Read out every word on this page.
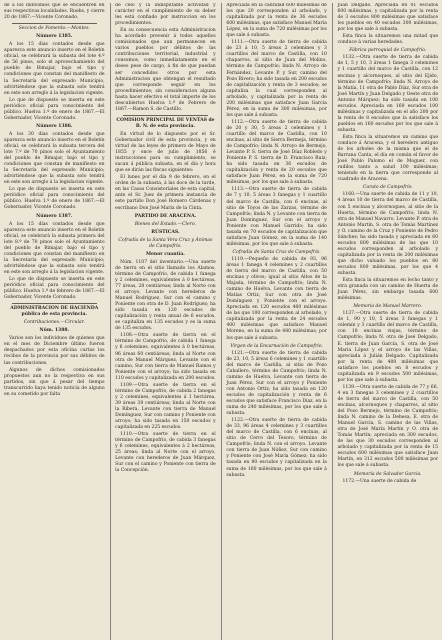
de á los individuos que se encuentren en sus respectivas localidades. Ruebs, y cierre 20 de 1867.—Vicente Coronado.

Seccion de Fomento.—Montes.
Número 1385.

A los 15 días contados desde que aparezca este anuncio inserto en el Boletín oficial, se celebrará la subasta del lote 4.º de 56 pinos, solo el aprovechamiento del pueblo de Bimajar, bajo el tipo y condiciones que constan del manifiesto de la Secretaría del expresado Municipio, advirtiéndose que la subasta solo tendrá en este son arreglo á la legislacion vigente.

Lo que de dispuesto se inserta en este periódico oficial para conocimiento del público. Huelva 1.º de enero de 1867.—El Gobernador, Vicente Coronado.

Número 1386.

A los 30 días contados desde que aparezca este anuncio inserto en el Boletín oficial, se celebrará la subasta tercera del lote 7.º de 70 pinos solo el Ayuntamiento del pueblo de Bimajar, bajo el tipo y condiciones que constan de manifiesto en la Secretaría del espresado Municipio; advirtiéndose que la subasta solo tendrá en este son arreglo á la legislacion vigente.

Lo que de dispuesto se inserta en este periódico oficial para conocimiento del público. Huelva 1.º de enero de 1867.—El Gobernador, Vicente Coronado.

Número 1387.

A los 15 días contados desde que aparezca este anuncio inserto en el Boletín oficial, se celebrará la subasta primera del lote 8.º de 70 pinos solo el Ayuntamiento del pueblo de Bimajar, bajo el tipo y condiciones que constan del manifiesto en la Secretaría del espresado Municipio; advirtiéndose que la subasta solo tendrá en este son arreglo á la legislacion vigente.

Lo que de dispuesto se inserta en este periódico oficial para conocimiento del público. Huelva 1.º de febrero de 1867.—El Gobernador, Vicente Coronado.

ADMINISTRACION DE HACIENDA pública de esta provincia.
Contribuciones.—Circular.
Núm. 1388.

Varios son los individuos de quienes que en el mes de Diciembre último fueron despachados por esta oficina cartas los recibos de la provincia por sus débitos de las contribuciones.

Algunos de dichos comisionados propuestos aun no la respectiva en sus partidos, sin que á pesar del tiempo transcurrido haya tenido noticia de alguno en su cometido por falta

de celo y la indisputable actividad y carácter en el cumplimiento de su deber les está confiado por instruccion en los procedimientos.

En su consecuencia esta Administracion ha acordado prevenir á todos aquellos comisionados que aun permanecen en varios pueblos por débitos de las contribuciones territorial, industrial y consumos, como inmediatamente en el deseo pese de cargo, á fin de que puedan ser concedidos otros por esta Administracion que obtengan el resultado que corresponde seguir en los procedimientos; sin consideracion alguna hasta hacer efectivo el total importe de los descubiertos Huelva 1.º de Febrero de 1867.—Ramon S. de Castillo.

COMISION PRINCIPAL DE VENTAS de B. N. de esta provincia.

En virtud de lo dispuesto por el Sr. Gobernador civil de esta provincia, y en virtud de las leyes de primero de Mayo de 1855 y once de julio de 1856 é instrucciones para su cumplimiento, se sacan á pública subasta, en el día y hora que se dirán las fincas siguientes:

El lunes por el día 9 de febrero, en el orden de la subasta, á las doce de la tarde, en las Casas Consistoriales de esta capital, ante el Sr. Juez de primera instancia de este partido Don José Romero Cárdenas y escribano Don José María de la Cinta.

PARTIDO DE ARACENA.
Bienes del Estado.—Clero.
RÚSTICAS.
Cofradía de la Santa Vera Cruz y Ánimas de Campofrío.
Menor cuantía.

Núm. 1107 del inventario.—Una suerte de tierra en el sitio llamado los Alamos, término de Campofrío, de cabida 1 fanega y 2 celemines, equivalentes á 0 hectáreas, 77 áreas, 28 centiáreas; linda al Norte con el arroyo, Levante con herederos de Manuel Rodríguez, Sur con el camino y Poniente con otra de D. Juan Rodríguez; ha sido tasada en 120 escudos de capitalización y renta anual de 6 escudos, se capitaliza en 135 escudos y es la suma de 135 escudos.

1108.—Otra suerte de tierra en el término de Campofrío, de cabida 1 fanega y 6 celemines, equivalentes á 0 hectáreas, 96 áreas 60 centiáreas; linda al Norte con otra de Manuel Márquez, Levante con el camino, Sur con tierra de Manuel Ramos y Poniente con el arroyo; ha sido tasada en 110 escudos y capitalizada en 200 escudos.

1109.—Otra suerte de tierra en el término de Campofrío, de cabida 2 fanegas y 2 celemines, equivalentes á 1 hectárea, 39 áreas 38 centiáreas; linda al Norte con la Ribera, Levante con tierra de Manuel Domínguez, Sur con camino y Poniente con arroyo; ha sido tasada en 150 escudos y capitalizada en 225 escudos.

1110.—Otra suerte de tierra en el término de Campofrío, de cabida 3 fanegas y 6 celemines, equivalentes á 2 hectáreas, 25 áreas; linda al Norte con el arroyo, Levante con herederos de Juan Márquez, Sur con el camino y Poniente con tierra de la Concepción.

Apreciada en la cantidad 600 milésimas de los que 20 corresponden al arbolado, y capitalizada por la renta de 36 escudos 600 milésimas, que satisface Manuel María López, en la suma de 720 milésimas por los que sale á subasta.

1111.—Otra suerte de tierra de cabida de 23 á 10, 5 áreas 2 celemines y 3 cuartillos del marco de Castilla, con 10 chaparros, al sitio de Juan del Molino, término de Campofrío; linda N. Arroyo de Fernández, Levante P. y Sur, camino del Pozo Rivero; ha sido tasada en 200 escudos de capitalización y renta de 3 escudos; se capitaliza la cual corresponden al arbolado, y capitalizada por la renta de 200 milésimas que satisface Juan García Pérez, en la suma de 300 milésimas, por los que sale á subasta.

1112.—Otra suerte de tierra de cabida de 20 y 30, 5 áreas 2 celemines y 1 cuartillo del marco de Castilla, con 10 encinas, al sitio de Sierra Bermeja, término de Campofrío; linda N. Arroyo de Bermejo, Levante P. S. tierra de José Díaz Robledo y Poniente P. S. tierra de D. Francisco Ruiz; ha sido tasada en 36 escudos de capitalización y renta de 20 escudos que satisface Juan Pérez, en la suma de 720 milésimas, por los que sale á subasta.

1113.—Otra suerte de tierra de cabida de 7 y 10, 5 áreas 3 fanegas y 1 cuartillo del marco de Castilla, con 6 encinas, al sitio de Toyos de las Zarzas, término de Campofrío; linda N. y Levante con tierra de Juan Domínguez, Sur con el arroyo y Poniente con Manuel Garrido; ha sido tasada en 70 escudos de capitalización que satisface Juan Gómez, en la suma de 140 milésimas, por los que sale á subasta.

Cofradía de Santa Cruz de Campofrío.

1119.—Pequeño de cabida de 93, 96 áreas 1 fanega 4 celemines y 2 cuartillos de tierra del marco de Castilla, con 50 encinas y olivos; igual al sitio Altos de la Majada, término de Campofrío; linda N. camino de Huelva, Levante con tierra de Matías Ortiz, Sur con otra de José Domínguez y Poniente con el arroyo. Apreciada en 120 escudos 400 milésimas de las que 100 corresponden al arbolado, y capitalizada por la renta de 24 escudos 400 milésimas que satisface Manuel Moreno, en la suma de 480 milésimas, por los que sale á subasta.

Virgen de la Encarnación de Campofrío.

1121.—Otra suerte de tierra de cabida de 23, 10, 5 áreas 6 celemines y 1 cuartillo del marco de Castilla, al sitio de Pozo Caballero, término de Campofrío; linda N. camino de Huelva, Levante con tierra de Juan Pérez, Sur con el arroyo y Poniente con Antonio Ortiz; ha sido tasada en 120 escudos de capitalización y renta de 6 escudos que satisface Francisco Díaz, en la suma de 240 milésimas, por los que sale á subasta.

1122.—Otra suerte de tierra de cabida de 33, 96 áreas 4 celemines y 3 cuartillos del marco de Castilla, con 6 encinas, al sitio de Cerro del Tesoro, término de Campofrío; linda N. con el arroyo, Levante con tierra de Juan Núñez, Sur con camino y Poniente con José María Gómez; ha sido tasada en 80 escudos y capitalizada en la suma de 160 milésimas, por los que sale á subasta.

Juan Delgado. Apreciada en 01 escudos 600 milésimas, y capitalizada por la renta de 3 escudos 800 milésimas que satisface los pueblos en 40 escudos 300 milésimas, por los que sale á subasta.

Esta finca la situaremos una mitad que conduce á varias heredades.

Fábrica parroquial de Campofrío.

1132.—Otra suerte de tierra de cabida de 1, 5 y 10, 3 áreas 1 fanega 3 celemines y 1 cuartillo del marco de Castilla, con 12 encinas y alcornoques, al sitio del Ejido, término de Campofrío; linda N. Arroyo de la Matía, 11 otra de Pablo Díaz, Sur otra de José Martín y Juan Delgado y Oeste otra de Antonio Márquez; ha sido tasada en 100 escudos. Apreciada en 160 escudos 100 milésimas y capitalizada en el año 200 por la renta de 8 escudos que la satisface los pueblos en 160 escudos por los que sale á subasta.

Esta finca la situaremos un camino que conduce á Aracena, y el heredero antiguo de los arboles de la misma que el de Barrana Canta, el día en común el favor de José Pablo Palomo el de Moguer, con rudilos tanto a salud 100 milésimas; teniendo en la tierra que corresponde al cuadrado de Aracena.

Curato de Campofrío.

1160.—Una suerte de cabida de 11 y 10, 4 áreas 10 de tierra del marco de Castilla, con 5 encinas y alcornoques, al sitio de la Huerta, término de Campofrío; linda N. otra de Manuel Navarro, Levante P. otra de Antonio Martín, S. otra de Tomás Martínez y O. camino de la Cruz y Poniente de Pedro Sánchez; ha sido tasada y apreciada en 60 escudos 800 milésimas de las que 10 escudos corresponden al arbolado y capitalizada por la renta de 200 milésimas que dicho valuado los pueblos en 80 escudos 800 milésimas, por los que 4 subasta.

Esta finca la situaremos en lecho tanto y otra granada con un camino de Huerta de Juan Pérez, sin embargo tasada 600 milésimas.

Memoria de Manuel Marrero.

1137.—Otra suerte de tierra de cabida de 1, 90 y 10, 5 áreas 3 fanegas y 1 celemín y 3 cuartillo del marco de Castilla, con 18 encinas viejas, término de Campofrío; linda N. otra de José Delgado, E. tierra de Juan García, S. otra de José María López y el arroyo de las Viñas, apreciada á Julián Delgado. Capitalizada por la renta de 400 milésimas que satisface los pueblos en 8 escudos y capitalizada en 9 escudos 500 milésimas, por los que sale á subasta.

1139.—Otra suerte de cabida de 77 y 66, 4 en 3 fanegas 3 celemines y 2 cuartillos de tierra del marco de Castilla, con 50 encinas, alcornoques y chaparros, al sitio del Pozo Bermejo, término de Campofrío; linda N. camino de la Dehesa, E. otra de Manuel García, S. camino de las Viñas, otra de José María Martín y O. otra de Tomás Martín; apreciada en 300 escudos, de las que 30 escudos corresponden al arbolado y capitalizada por la renta de 15 escudos 600 milésimas que satisface Juan Martín, en 312 escudos 500 milésimas por los que sale á subasta.

Memoria de Salvador García.

1172.—Una suerte de cabida de
